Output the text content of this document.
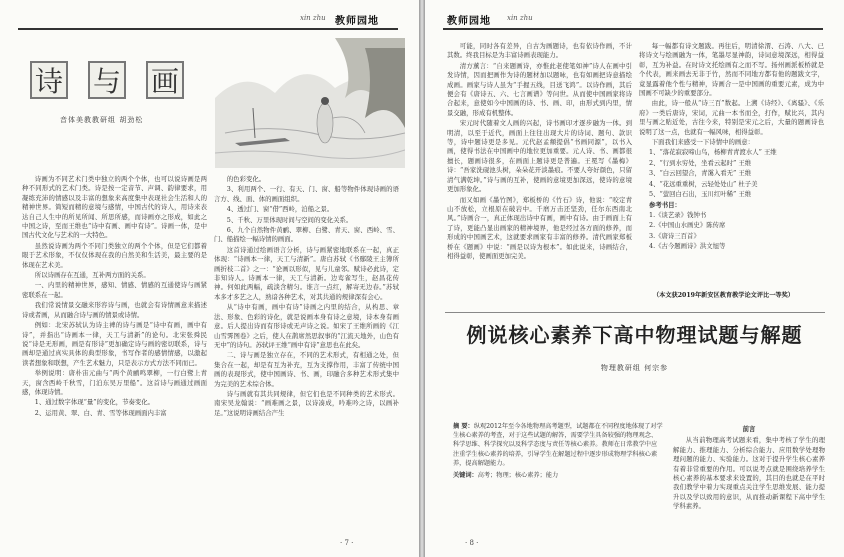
xin zhu 教师园地
诗 与 画
音体美教教研组 胡劲松

诗画为不同艺术门类中独立的两个个体，也可以说诗画是两种不同形式的艺术门类。诗是按一定音节、声调、韵律要求，用凝练充沛的情感以及丰富的想象来高度集中表现社会生活和人的精神世界。简短而精的意境与感情，中国古代的诗人，用诗来表达自己人生中的所见所闻、所思所感，而诗画亦之形成，如此之中国之诗，至而王维也“诗中有画、画中有诗”。诗画一体，是中国古代文化与艺术的一大特色。

虽然说诗画为两个不同门类独立的两个个体，但是它们都着眼于艺术形象，不仅仅体现在我的自然美和生活美，最主要的是体现在艺术美。

所以诗画存在互通，互补两方面的关系。

一、内里的精神世界，感知、情感、情感的互通使诗与画紧密联系在一起。

我们常说情景交融来形容诗与画，也就会有诗情画意来描述诗或者画，从而融合诗与画的情景或诗情。

例如：北宋苏轼认为诗主裨的诗与画是“诗中有画，画中有诗”，并指出“诗画本一律，天工与清新”的论句。北宋张舜民说“诗是无形画，画是有形诗”更加确定诗与画的密切联系，诗与画却是通过真实具体的典型形象，书写作者的感情情感，以激起读者想象和联想，产生艺术魅力，只是表示方式方法不同而已。

举例说明：唐朴宙元曲与“两个黄鹂鸣翠柳，一行白鹭上青天，窗含西岭千秋雪，门泊东吴万里船”。这首诗与画通过画面感，体现诗情。

1、通过数字体现“量”的变化，节奏变化。

2、运用黄、翠、白、青、雪等体现画面内丰富

的色彩变化。

3、利用两个、一行、有天、门、窗、船等物件体现诗画的语言方、线、面、体的画面组织。

4、透过门、窗“借”西岭，泊船之景。

5、千秋、万里体现时间与空间的变化关系。

6、九个自然物件黄鹂、翠柳、白鹭、青天、窗、西岭、雪、门、船描绘一幅诗情的画面。

这首诗通过绘画语言分析，诗与画紧密地联系在一起，真正体现：“诗画本一律，天工与清新”。唐白苏轼《书鄢陵王主簿所画折枝二首》之一：“论画以形似，见与儿童邻。赋诗必此诗，定非知诗人。诗画本一律，天工与清新。边鸾雀写生，赵昌花传神。何如此两幅，疏淡含精匀。谁言一点红，解寄无边春。”苏轼本多才多艺之人，熟谙各种艺术，对其共通的规律深有会心。

从“诗中有画，画中有诗”诗画之内里的结合，从构思、章法、形象、色彩的诗化，就是说画本身有诗之意境，诗本身有画意。后人提出诗而有形诗或无声诗之说。如宋了王维所画的《江山雪霁图卷》之后，使人在鹊席然思叙事的“江流天地外，山色有无中”的诗句。苏轼评王维“画中有诗”意思也在此矣。

二、诗与画是独立存在，不同的艺术形式，有相通之处，但集合在一起，却是有互为补充，互为支撑作用，丰富了传统中国画的表现形式，使中国画诗、书、画，印融合多种艺术形式集中为完美的艺术综合体。

诗与画就有其共同规律，但它们也是不同种类的艺术形式。南宋吴龙翰说：“画难画之景，以诗凑成，吟难吟之诗，以画补足。”这说明诗画结合产生

· 7 ·
教师园地 xin zhu

可能，同时各有差异，自古为画题诗，也有依诗作画，不计其数。终我目标是为丰富诗画表现能力。

清方薰言：“自来题画诗，亦惟此老使笔如神”诗人在画中引发诗情，因而把画作为诗的题材加以题咏，也有如画把诗意描绘成画。画家与诗人虽为“手握五线，目送飞鸿”。以诗作画，其后便会有《唐诗五、六、七言画谱》等问世。从而使中国画家将诗合起来，意使如今中国画的诗、书、画、印，由形式到内里，情景交融，形成有机整体。

宋元时代随着文人画的兴起，诗书画印才逐步融为一体。到明清，以至于近代，画面上往往出现大片的诗词、题句、款识等，诗中题诗更是多见。元代赵孟頫提倡“书画同源”，以书入画，使得书法在中国画中的地位更加重要。元人诗、书、画都很擅长，题画诗很多，在画面上题诗更是普遍。王冕写《墨梅》诗：“吾家洗砚池头树，朵朵花开淡墨痕。不要人夸好颜色，只留清气满乾坤。”诗与画的互补，使画的意境更加深远，使诗的意境更加形象化。

而又如画《墨竹图》，郑板桥的《竹石》诗，他说：“咬定青山不放松，立根原在破岩中。千磨万击还坚劲，任尔东西南北风。”诗画合一，真正体现出诗中有画，画中有诗。由于画面上有了诗，更能凸显出画家的精神境界，他是经过各方面的修养，而形成的中国画艺术，这就要求画家有丰富的修养。清代画家郑板桥在《题画》中说：“画是以诗为根本”。如此说来，诗画结合，相得益彰，使画面更加完美。

每一幅都有诗文题跋。再往后，明清徐渭、石涛、八大、已将诗文与绘画融为一体，笔墨尽显神韵，诗词意境深远，相得益彰，互为补益。在时诗文托绘画有之而不写。扬州画派板桥就是个代表，画来画去无非于竹，然而不同地方都有他的题跋文字，竟显露着他个性与精神，诗画合一是中国画的重要元素，成为中国画不可缺少的重要部分。

由此，诗一般从“诗三百”数起。上溯《诗经》、《离骚》、《乐府》一类后唐诗，宋词，元曲一本书而全，打作，赋比兴，其内里与画之贴近处，古往今来，特别是宋元之后，大量的题画诗也说明了这一点，也就有一幅风味，相得益彰。

下面我们来感受一下诗情中的画意：

1、“落花寂寂啼山鸟，杨柳青青渡水人” 王维

2、“行到水穷处，坐看云起时” 王维

3、“白云回望合，青霭入看无” 王维

4、“花远重重树，云轻处处山” 杜子美

5、“萤回白石出，玉川红叶稀” 王维

参考书目：

1.《谈艺录》钱钟书

2.《中国山水画史》陈传席

3.《唐诗三百首》

4.《古今题画诗》洪文旭等

（本文获2019年新安区教育教学论文评比一等奖）
例说核心素养下高中物理试题与解题
物理教研组 何宗参
摘 要：纵观2012年至今各地物理高考题型，试题都在不同程度地体现了对学生核心素养的考查，对于这些试题的解答，需要学生具备较强的物理观念、科学思维、科学探究以及科学态度与责任等核心素养。教师在日常教学中应注重学生核心素养的培养，引导学生在解题过程中逐步形成物理学科核心素养，提高解题能力。
关键词：高考；物理；核心素养；能力
前言

从当前物理高考试题来看，集中考核了学生的理解能力、推理能力、分析综合能力、应用数学处理物理问题的能力、实验能力。这对于提升学生核心素养有着非常重要的作用。可以说考点就是围绕培养学生核心素养的基本要求来设置的，其目的也就是在平时我们教学中着力实现重点关注学生思维发展、能力提升以及学以致用的意识，从而推动新课程下高中学生学科素养。

· 8 ·
